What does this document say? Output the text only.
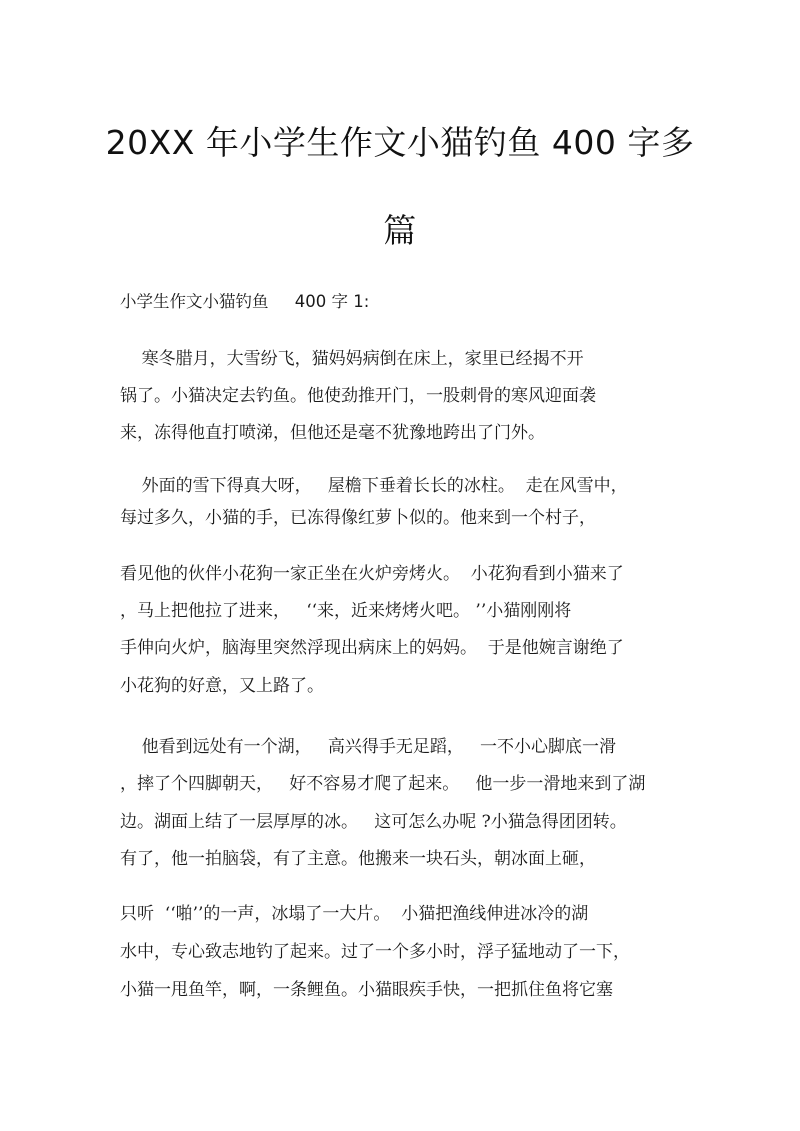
20XX 年小学生作文小猫钓鱼 400 字多
篇
小学生作文小猫钓鱼     400 字 1:
寒冬腊月，大雪纷飞，猫妈妈病倒在床上，家里已经揭不开
锅了。小猫决定去钓鱼。他使劲推开门，一股刺骨的寒风迎面袭
来，冻得他直打喷涕，但他还是毫不犹豫地跨出了门外。
外面的雪下得真大呀，   屋檐下垂着长长的冰柱。  走在风雪中，
每过多久，小猫的手，已冻得像红萝卜似的。他来到一个村子，
看见他的伙伴小花狗一家正坐在火炉旁烤火。  小花狗看到小猫来了
，马上把他拉了进来，   ‘‘来，近来烤烤火吧。 ’’小猫刚刚将
手伸向火炉，脑海里突然浮现出病床上的妈妈。  于是他婉言谢绝了
小花狗的好意，又上路了。
他看到远处有一个湖，   高兴得手无足蹈，   一不小心脚底一滑
，摔了个四脚朝天，   好不容易才爬了起来。   他一步一滑地来到了湖
边。湖面上结了一层厚厚的冰。   这可怎么办呢 ?小猫急得团团转。
有了，他一拍脑袋，有了主意。他搬来一块石头，朝冰面上砸，
只听  ‘‘啪’’的一声，冰塌了一大片。  小猫把渔线伸进冰冷的湖
水中，专心致志地钓了起来。过了一个多小时，浮子猛地动了一下，
小猫一甩鱼竿，啊，一条鲤鱼。小猫眼疾手快，一把抓住鱼将它塞
